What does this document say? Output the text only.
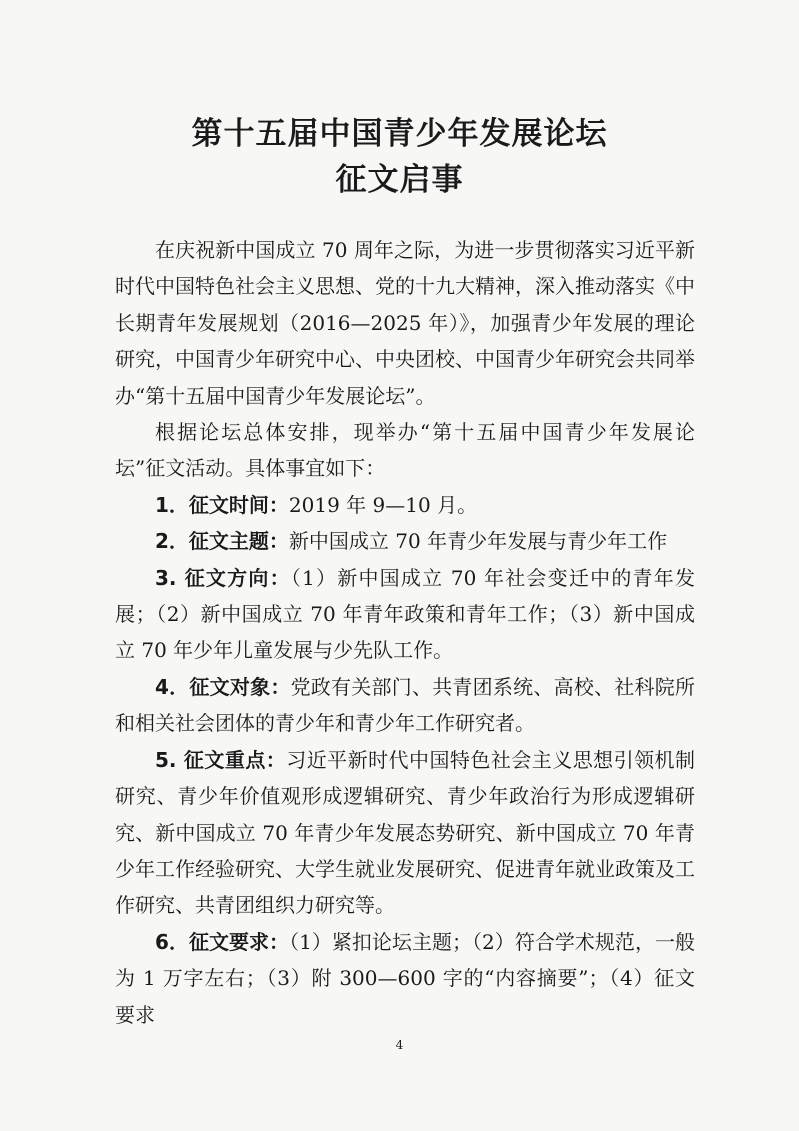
第十五届中国青少年发展论坛
征文启事

在庆祝新中国成立 70 周年之际，为进一步贯彻落实习近平新时代中国特色社会主义思想、党的十九大精神，深入推动落实《中长期青年发展规划（2016—2025 年）》，加强青少年发展的理论研究，中国青少年研究中心、中央团校、中国青少年研究会共同举办“第十五届中国青少年发展论坛”。

根据论坛总体安排，现举办“第十五届中国青少年发展论坛”征文活动。具体事宜如下：

1．征文时间：2019 年 9—10 月。

2．征文主题：新中国成立 70 年青少年发展与青少年工作

3. 征文方向：（1）新中国成立 70 年社会变迁中的青年发展；（2）新中国成立 70 年青年政策和青年工作；（3）新中国成立 70 年少年儿童发展与少先队工作。

4．征文对象：党政有关部门、共青团系统、高校、社科院所和相关社会团体的青少年和青少年工作研究者。

5. 征文重点：习近平新时代中国特色社会主义思想引领机制研究、青少年价值观形成逻辑研究、青少年政治行为形成逻辑研究、新中国成立 70 年青少年发展态势研究、新中国成立 70 年青少年工作经验研究、大学生就业发展研究、促进青年就业政策及工作研究、共青团组织力研究等。

6．征文要求：（1）紧扣论坛主题；（2）符合学术规范，一般为 1 万字左右；（3）附 300—600 字的“内容摘要”；（4）征文要求

4
